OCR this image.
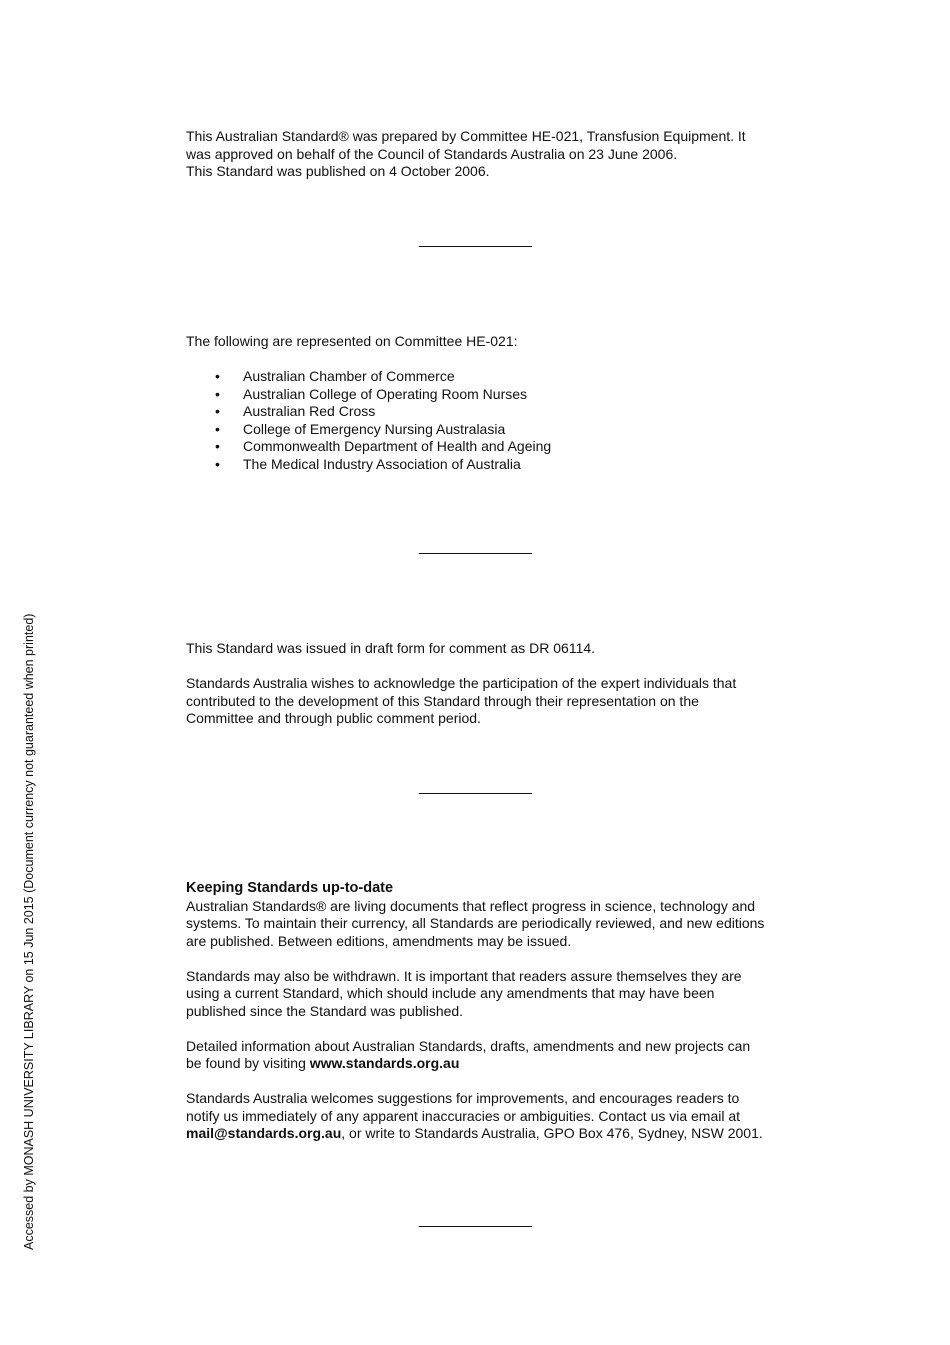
Accessed by MONASH UNIVERSITY LIBRARY on 15 Jun 2015 (Document currency not guaranteed when printed)

This Australian Standard® was prepared by Committee HE-021, Transfusion Equipment. It

was approved on behalf of the Council of Standards Australia on 23 June 2006.

This Standard was published on 4 October 2006.

The following are represented on Committee HE-021:

• Australian Chamber of Commerce
• Australian College of Operating Room Nurses
• Australian Red Cross
• College of Emergency Nursing Australasia
• Commonwealth Department of Health and Ageing
• The Medical Industry Association of Australia

This Standard was issued in draft form for comment as DR 06114.

Standards Australia wishes to acknowledge the participation of the expert individuals that

contributed to the development of this Standard through their representation on the

Committee and through public comment period.

Keeping Standards up-to-date

Australian Standards® are living documents that reflect progress in science, technology and

systems. To maintain their currency, all Standards are periodically reviewed, and new editions

are published. Between editions, amendments may be issued.

Standards may also be withdrawn. It is important that readers assure themselves they are

using a current Standard, which should include any amendments that may have been

published since the Standard was published.

Detailed information about Australian Standards, drafts, amendments and new projects can

be found by visiting www.standards.org.au

Standards Australia welcomes suggestions for improvements, and encourages readers to

notify us immediately of any apparent inaccuracies or ambiguities. Contact us via email at

mail@standards.org.au, or write to Standards Australia, GPO Box 476, Sydney, NSW 2001.
